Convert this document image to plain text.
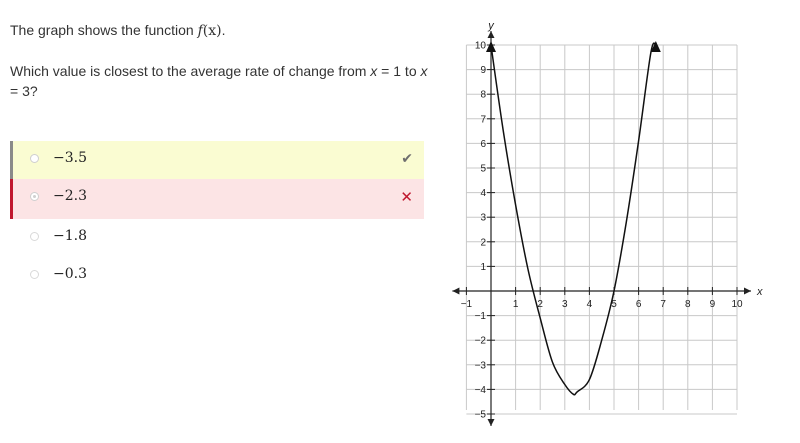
The graph shows the function f(x).

Which value is closest to the average rate of change from x = 1 to x = 3?

−3.5	✔
−2.3	✕
−1.8
−0.3
−1	1 2 3 4 5 6 7 8 9 10
−5
−4
−3
−2
−1
1
2
3
4
5
6
7
8
9
10
x
y
